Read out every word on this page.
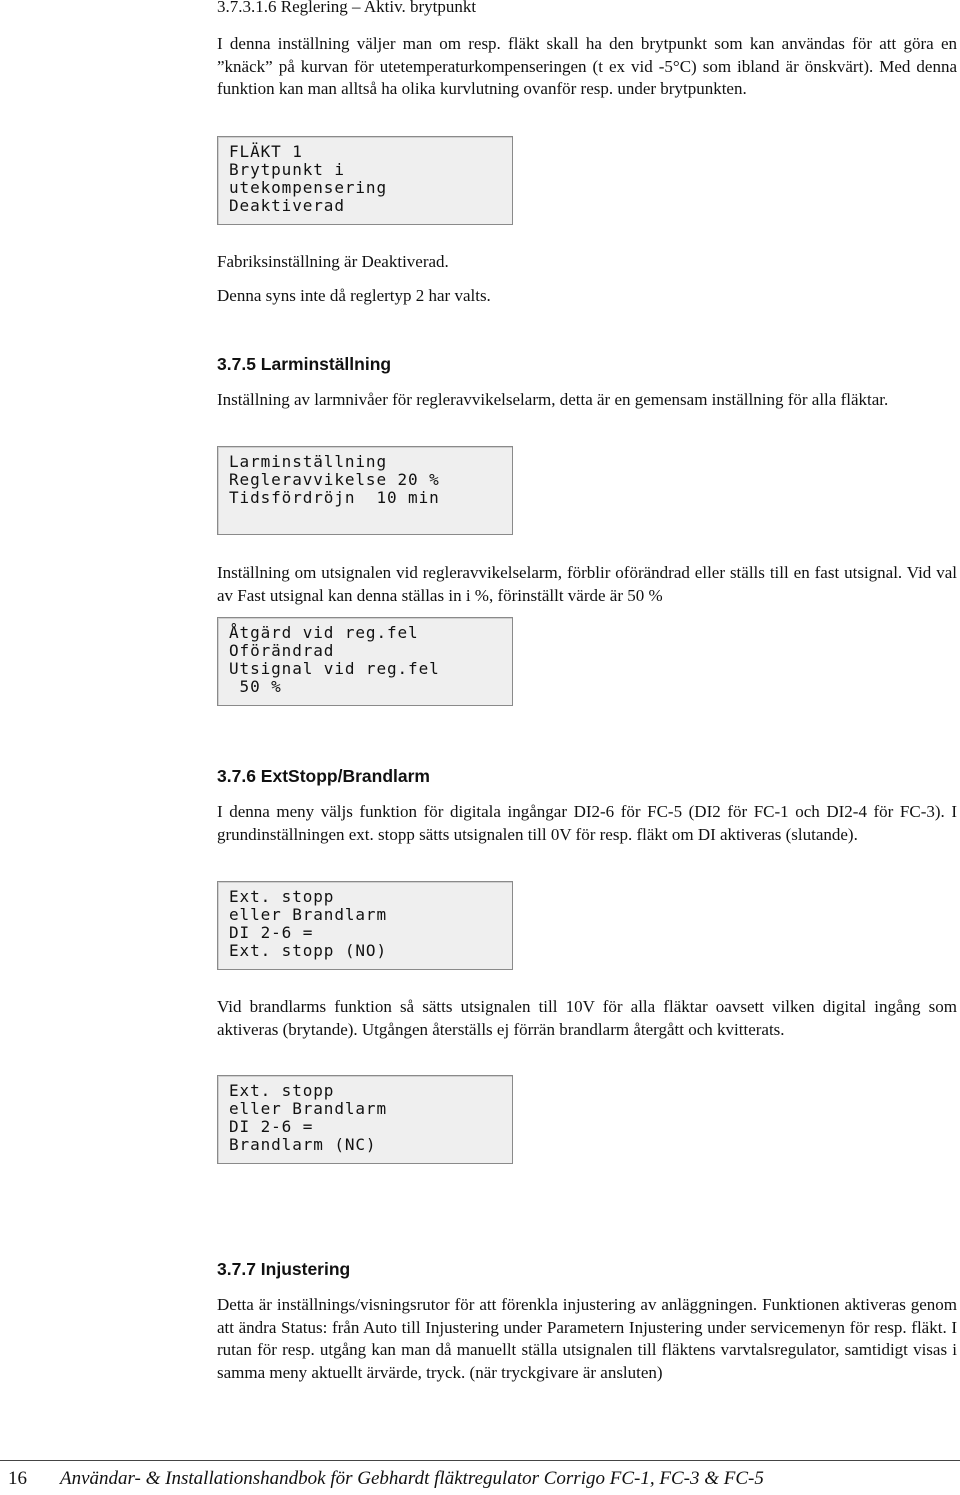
3.7.3.1.6 Reglering – Aktiv. brytpunkt

I denna inställning väljer man om resp. fläkt skall ha den brytpunkt som kan användas för att göra en ”knäck” på kurvan för utetemperaturkompenseringen (t ex vid -5°C) som ibland är önskvärt). Med denna funktion kan man alltså ha olika kurvlutning ovanför resp. under brytpunkten.

FLÄKT 1
Brytpunkt i
utekompensering
Deaktiverad

Fabriksinställning är Deaktiverad.

Denna syns inte då reglertyp 2 har valts.

3.7.5 Larminställning

Inställning av larmnivåer för regleravvikelselarm, detta är en gemensam inställning för alla fläktar.

Larminställning
Regleravvikelse 20 %
Tidsfördröjn  10 min

Inställning om utsignalen vid regleravvikelselarm, förblir oförändrad eller ställs till en fast utsignal. Vid val av Fast utsignal kan denna ställas in i %, förinställt värde är 50 %

Åtgärd vid reg.fel
Oförändrad
Utsignal vid reg.fel
50 %
3.7.6 ExtStopp/Brandlarm

I denna meny väljs funktion för digitala ingångar DI2-6 för FC-5 (DI2 för FC-1 och DI2-4 för FC-3). I grundinställningen ext. stopp sätts utsignalen till 0V för resp. fläkt om DI aktiveras (slutande).

Ext. stopp
eller Brandlarm
DI 2-6 =
Ext. stopp (NO)

Vid brandlarms funktion så sätts utsignalen till 10V för alla fläktar oavsett vilken digital ingång som aktiveras (brytande). Utgången återställs ej förrän brandlarm återgått och kvitterats.

Ext. stopp
eller Brandlarm
DI 2-6 =
Brandlarm (NC)
3.7.7 Injustering

Detta är inställnings/visningsrutor för att förenkla injustering av anläggningen. Funktionen aktiveras genom att ändra Status: från Auto till Injustering under Parametern Injustering under servicemenyn för resp. fläkt. I rutan för resp. utgång kan man då manuellt ställa utsignalen till fläktens varvtalsregulator, samtidigt visas i samma meny aktuellt ärvärde, tryck. (när tryckgivare är ansluten)

16 Användar- & Installationshandbok för Gebhardt fläktregulator Corrigo FC-1, FC-3 & FC-5
